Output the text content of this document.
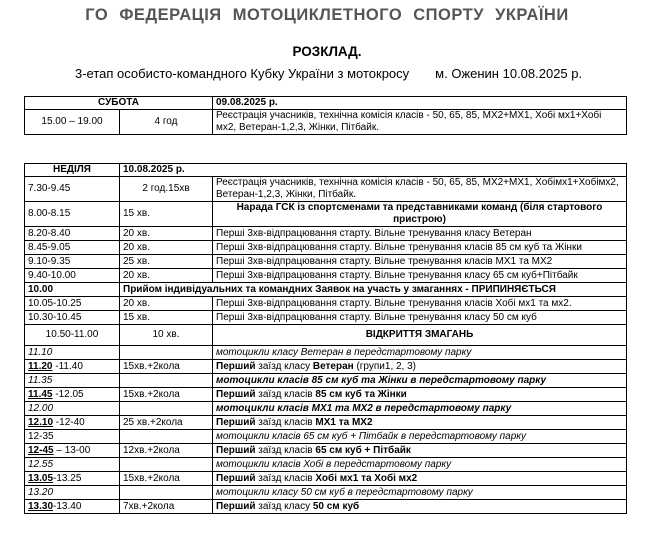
ГО ФЕДЕРАЦІЯ МОТОЦИКЛЕТНОГО СПОРТУ УКРАЇНИ
РОЗКЛАД.
3-етап особисто-командного Кубку України з мотокросу м. Оженин 10.08.2025 р.
СУБОТА		09.08.2025 р.
15.00 – 19.00	4 год	Реєстрація учасників, технічна комісія класів - 50, 65, 85, MX2+MX1, Хобі мх1+Хобі мх2, Ветеран-1,2,3, Жінки, Пітбайк.
НЕДІЛЯ	10.08.2025 р.	
7.30-9.45	2 год.15хв	Реєстрація учасників, технічна комісія класів - 50, 65, 85, MX2+MX1, Хобімх1+Хобімх2, Ветеран-1,2,3, Жінки, Пітбайк.
8.00-8.15	15 хв.	Нарада ГСК із спортсменами та представниками команд (біля стартового пристрою)
8.20-8.40	20 хв.	Перші 3хв-відпрацювання старту. Вільне тренування класу Ветеран
8.45-9.05	20 хв.	Перші 3хв-відпрацювання старту. Вільне тренування класів 85 см куб та Жінки
9.10-9.35	25 хв.	Перші 3хв-відпрацювання старту. Вільне тренування класів MX1 та MX2
9.40-10.00	20 хв.	Перші 3хв-відпрацювання старту. Вільне тренування класу 65 см куб+Пітбайк
10.00	Прийом індивідуальних та командних Заявок на участь у змаганнях - ПРИПИНЯЄТЬСЯ	
10.05-10.25	20 хв.	Перші 3хв-відпрацювання старту. Вільне тренування класів Хобі мх1 та мх2.
10.30-10.45	15 хв.	Перші 3хв-відпрацювання старту. Вільне тренування класу 50 см куб
10.50-11.00	10 хв.	ВІДКРИТТЯ ЗМАГАНЬ
11.10		мотоцикли класу Ветеран в передстартовому парку
11.20 -11.40	15хв.+2кола	Перший заїзд класу Ветеран (групи1, 2, 3)
11.35		мотоцикли класів 85 см куб та Жінки в передстартовому парку
11.45 -12.05	15хв.+2кола	Перший заїзд класів 85 см куб та Жінки
12.00		мотоцикли класів MX1 та MX2 в передстартовому парку
12.10 -12-40	25 хв.+2кола	Перший заїзд класів MX1 та MX2
12-35		мотоцикли класів 65 см куб + Пітбайк в передстартовому парку
12-45 – 13-00	12хв.+2кола	Перший заїзд класів 65 см куб + Пітбайк
12.55		мотоцикли класів Хобі в передстартовому парку
13.05-13.25	15хв.+2кола	Перший заїзд класів Хобі мх1 та Хобі мх2
13.20		мотоцикли класу 50 см куб в передстартовому парку
13.30-13.40	7хв.+2кола	Перший заїзд класу 50 см куб
